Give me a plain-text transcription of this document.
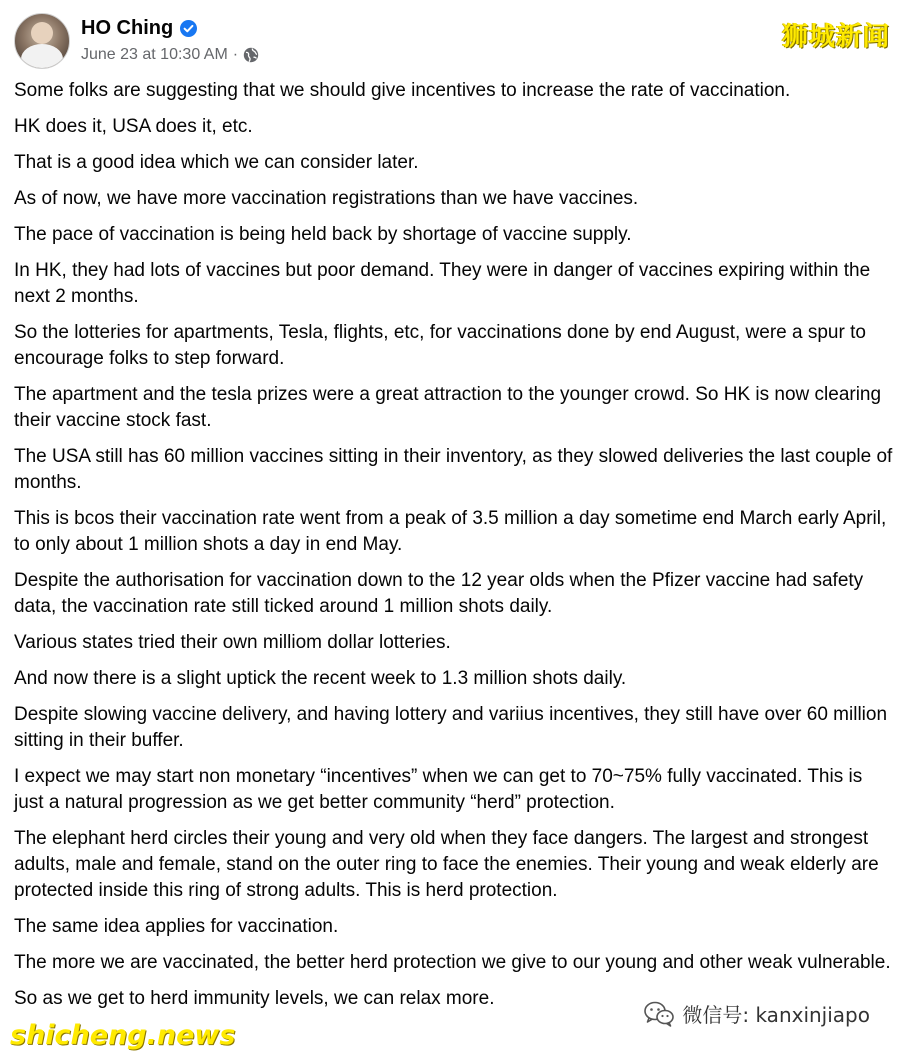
HO Ching
June 23 at 10:30 AM ·
狮城新闻

Some folks are suggesting that we should give incentives to increase the rate of vaccination.

HK does it, USA does it, etc.

That is a good idea which we can consider later.

As of now, we have more vaccination registrations than we have vaccines.

The pace of vaccination is being held back by shortage of vaccine supply.

In HK, they had lots of vaccines but poor demand. They were in danger of vaccines expiring within the next 2 months.

So the lotteries for apartments, Tesla, flights, etc, for vaccinations done by end August, were a spur to encourage folks to step forward.

The apartment and the tesla prizes were a great attraction to the younger crowd. So HK is now clearing their vaccine stock fast.

The USA still has 60 million vaccines sitting in their inventory, as they slowed deliveries the last couple of months.

This is bcos their vaccination rate went from a peak of 3.5 million a day sometime end March early April, to only about 1 million shots a day in end May.

Despite the authorisation for vaccination down to the 12 year olds when the Pfizer vaccine had safety data, the vaccination rate still ticked around 1 million shots daily.

Various states tried their own milliom dollar lotteries.

And now there is a slight uptick the recent week to 1.3 million shots daily.

Despite slowing vaccine delivery, and having lottery and variius incentives, they still have over 60 million sitting in their buffer.

I expect we may start non monetary “incentives” when we can get to 70~75% fully vaccinated. This is just a natural progression as we get better community “herd” protection.

The elephant herd circles their young and very old when they face dangers. The largest and strongest adults, male and female, stand on the outer ring to face the enemies. Their young and weak elderly are protected inside this ring of strong adults. This is herd protection.

The same idea applies for vaccination.

The more we are vaccinated, the better herd protection we give to our young and other weak vulnerable.

So as we get to herd immunity levels, we can relax more.

微信号: kanxinjiapo
shicheng.news
